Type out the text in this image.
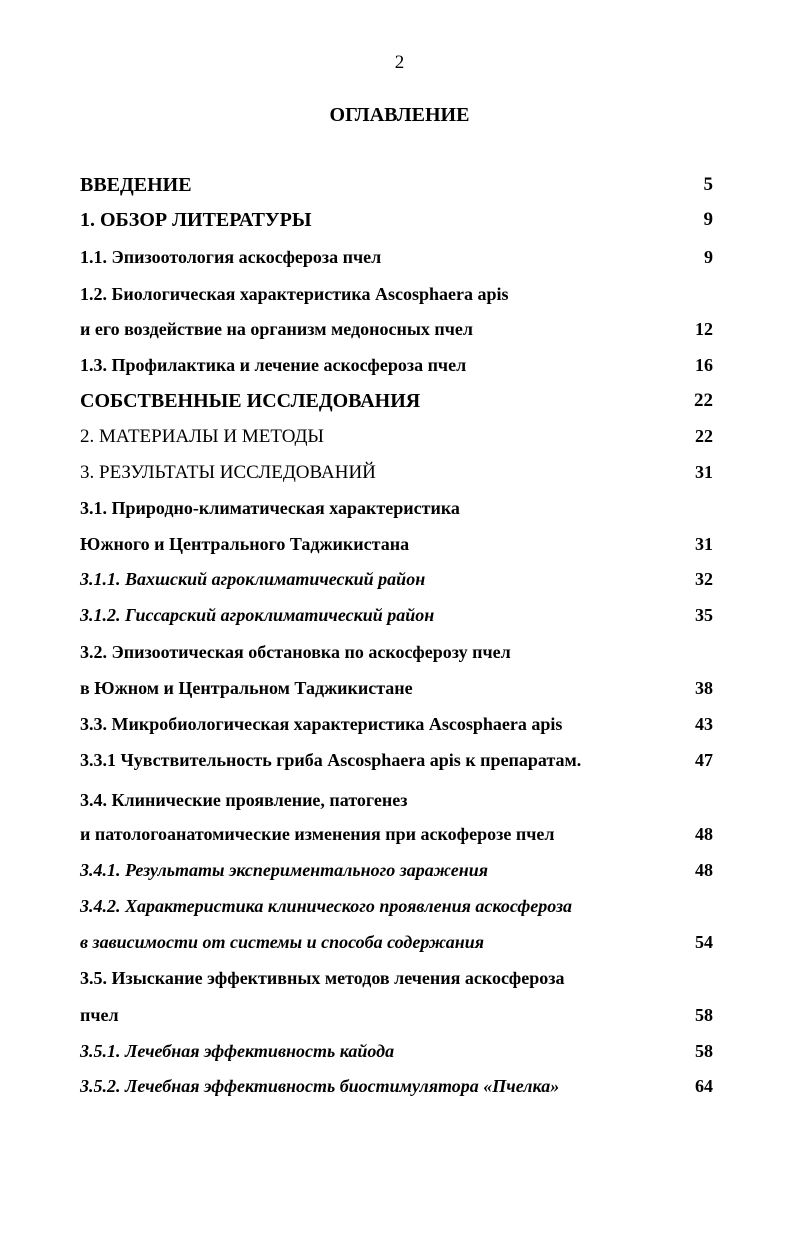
2
ОГЛАВЛЕНИЕ
ВВЕДЕНИЕ	5
1. ОБЗОР ЛИТЕРАТУРЫ	9
1.1. Эпизоотология аскосфероза пчел	9
1.2. Биологическая характеристика Ascosphaera apis
и его воздействие на организм медоносных пчел	12
1.3. Профилактика и лечение аскосфероза пчел	16
СОБСТВЕННЫЕ ИССЛЕДОВАНИЯ	22
2. МАТЕРИАЛЫ И МЕТОДЫ	22
3. РЕЗУЛЬТАТЫ ИССЛЕДОВАНИЙ	31
3.1. Природно-климатическая характеристика
Южного и Центрального Таджикистана	31
3.1.1. Вахшский агроклиматический район	32
3.1.2. Гиссарский агроклиматический район	35
3.2. Эпизоотическая обстановка по аскосферозу пчел
в Южном и Центральном Таджикистане	38
3.3. Микробиологическая характеристика Ascosphaera apis	43
3.3.1 Чувствительность гриба Ascosphaera apis к препаратам.	47
3.4. Клинические проявление, патогенез
и патологоанатомические изменения при аскоферозе пчел	48
3.4.1. Результаты экспериментального заражения	48
3.4.2. Характеристика клинического проявления аскосфероза
в зависимости от системы и способа содержания	54
3.5. Изыскание эффективных методов лечения аскосфероза
пчел	58
3.5.1. Лечебная эффективность кайода	58
3.5.2. Лечебная эффективность биостимулятора «Пчелка»	64
